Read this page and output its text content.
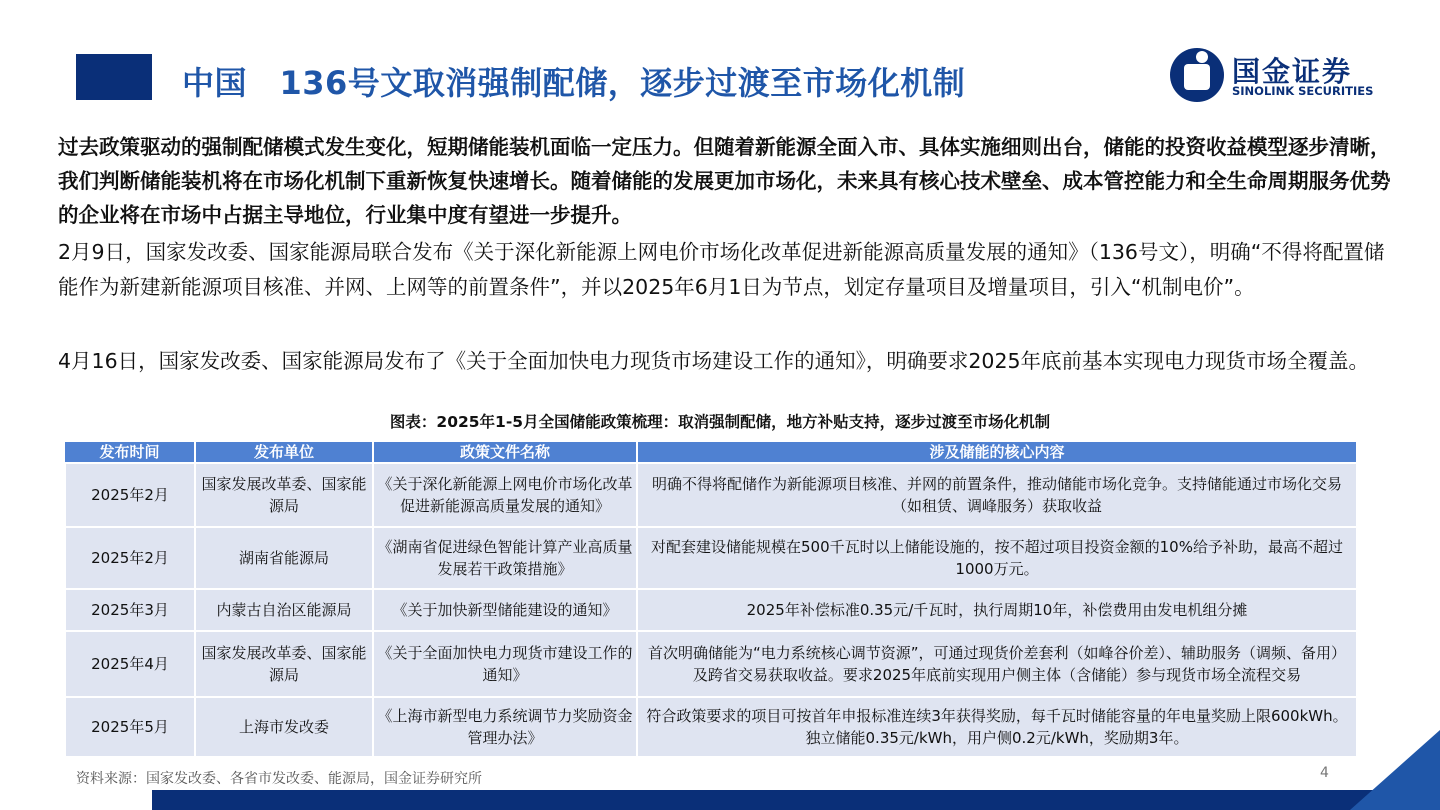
中国　136号文取消强制配储，逐步过渡至市场化机制	国金证券
SINOLINK SECURITIES
过去政策驱动的强制配储模式发生变化，短期储能装机面临一定压力。但随着新能源全面入市、具体实施细则出台，储能的投资收益模型逐步清晰，我们判断储能装机将在市场化机制下重新恢复快速增长。随着储能的发展更加市场化，未来具有核心技术壁垒、成本管控能力和全生命周期服务优势的企业将在市场中占据主导地位，行业集中度有望进一步提升。
2月9日，国家发改委、国家能源局联合发布《关于深化新能源上网电价市场化改革促进新能源高质量发展的通知》（136号文），明确“不得将配置储能作为新建新能源项目核准、并网、上网等的前置条件”，并以2025年6月1日为节点，划定存量项目及增量项目，引入“机制电价”。
4月16日，国家发改委、国家能源局发布了《关于全面加快电力现货市场建设工作的通知》，明确要求2025年底前基本实现电力现货市场全覆盖。
图表：2025年1-5月全国储能政策梳理：取消强制配储，地方补贴支持，逐步过渡至市场化机制
发布时间	发布单位	政策文件名称	涉及储能的核心内容
2025年2月	国家发展改革委、国家能源局	《关于深化新能源上网电价市场化改革促进新能源高质量发展的通知》	明确不得将配储作为新能源项目核准、并网的前置条件，推动储能市场化竞争。支持储能通过市场化交易（如租赁、调峰服务）获取收益
2025年2月	湖南省能源局	《湖南省促进绿色智能计算产业高质量发展若干政策措施》	对配套建设储能规模在500千瓦时以上储能设施的，按不超过项目投资金额的10%给予补助，最高不超过1000万元。
2025年3月	内蒙古自治区能源局	《关于加快新型储能建设的通知》	2025年补偿标准0.35元/千瓦时，执行周期10年，补偿费用由发电机组分摊
2025年4月	国家发展改革委、国家能源局	《关于全面加快电力现货市建设工作的通知》	首次明确储能为“电力系统核心调节资源”，可通过现货价差套利（如峰谷价差）、辅助服务（调频、备用）及跨省交易获取收益。要求2025年底前实现用户侧主体（含储能）参与现货市场全流程交易
2025年5月	上海市发改委	《上海市新型电力系统调节力奖励资金管理办法》	符合政策要求的项目可按首年申报标准连续3年获得奖励，每千瓦时储能容量的年电量奖励上限600kWh。独立储能0.35元/kWh，用户侧0.2元/kWh，奖励期3年。
资料来源：国家发改委、各省市发改委、能源局，国金证券研究所	4
